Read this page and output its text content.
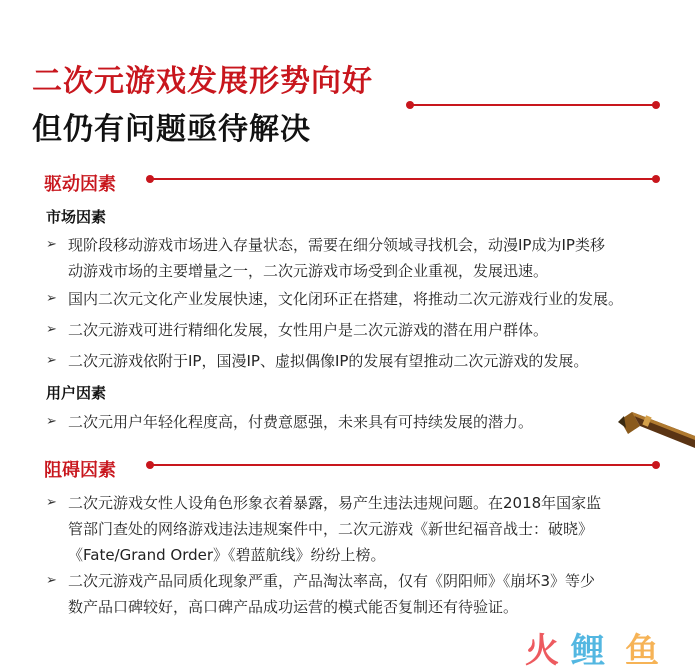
二次元游戏发展形势向好
但仍有问题亟待解决
驱动因素
市场因素
➢ 现阶段移动游戏市场进入存量状态，需要在细分领域寻找机会，动漫IP成为IP类移
动游戏市场的主要增量之一，二次元游戏市场受到企业重视，发展迅速。
➢ 国内二次元文化产业发展快速，文化闭环正在搭建，将推动二次元游戏行业的发展。
➢ 二次元游戏可进行精细化发展，女性用户是二次元游戏的潜在用户群体。
➢ 二次元游戏依附于IP，国漫IP、虚拟偶像IP的发展有望推动二次元游戏的发展。
用户因素
➢ 二次元用户年轻化程度高，付费意愿强，未来具有可持续发展的潜力。
阻碍因素
➢ 二次元游戏女性人设角色形象衣着暴露，易产生违法违规问题。在2018年国家监
管部门查处的网络游戏违法违规案件中，二次元游戏《新世纪福音战士：破晓》
《Fate/Grand Order》《碧蓝航线》纷纷上榜。
➢ 二次元游戏产品同质化现象严重，产品淘汰率高，仅有《阴阳师》《崩坏3》等少
数产品口碑较好，高口碑产品成功运营的模式能否复制还有待验证。
火 鲤 鱼
